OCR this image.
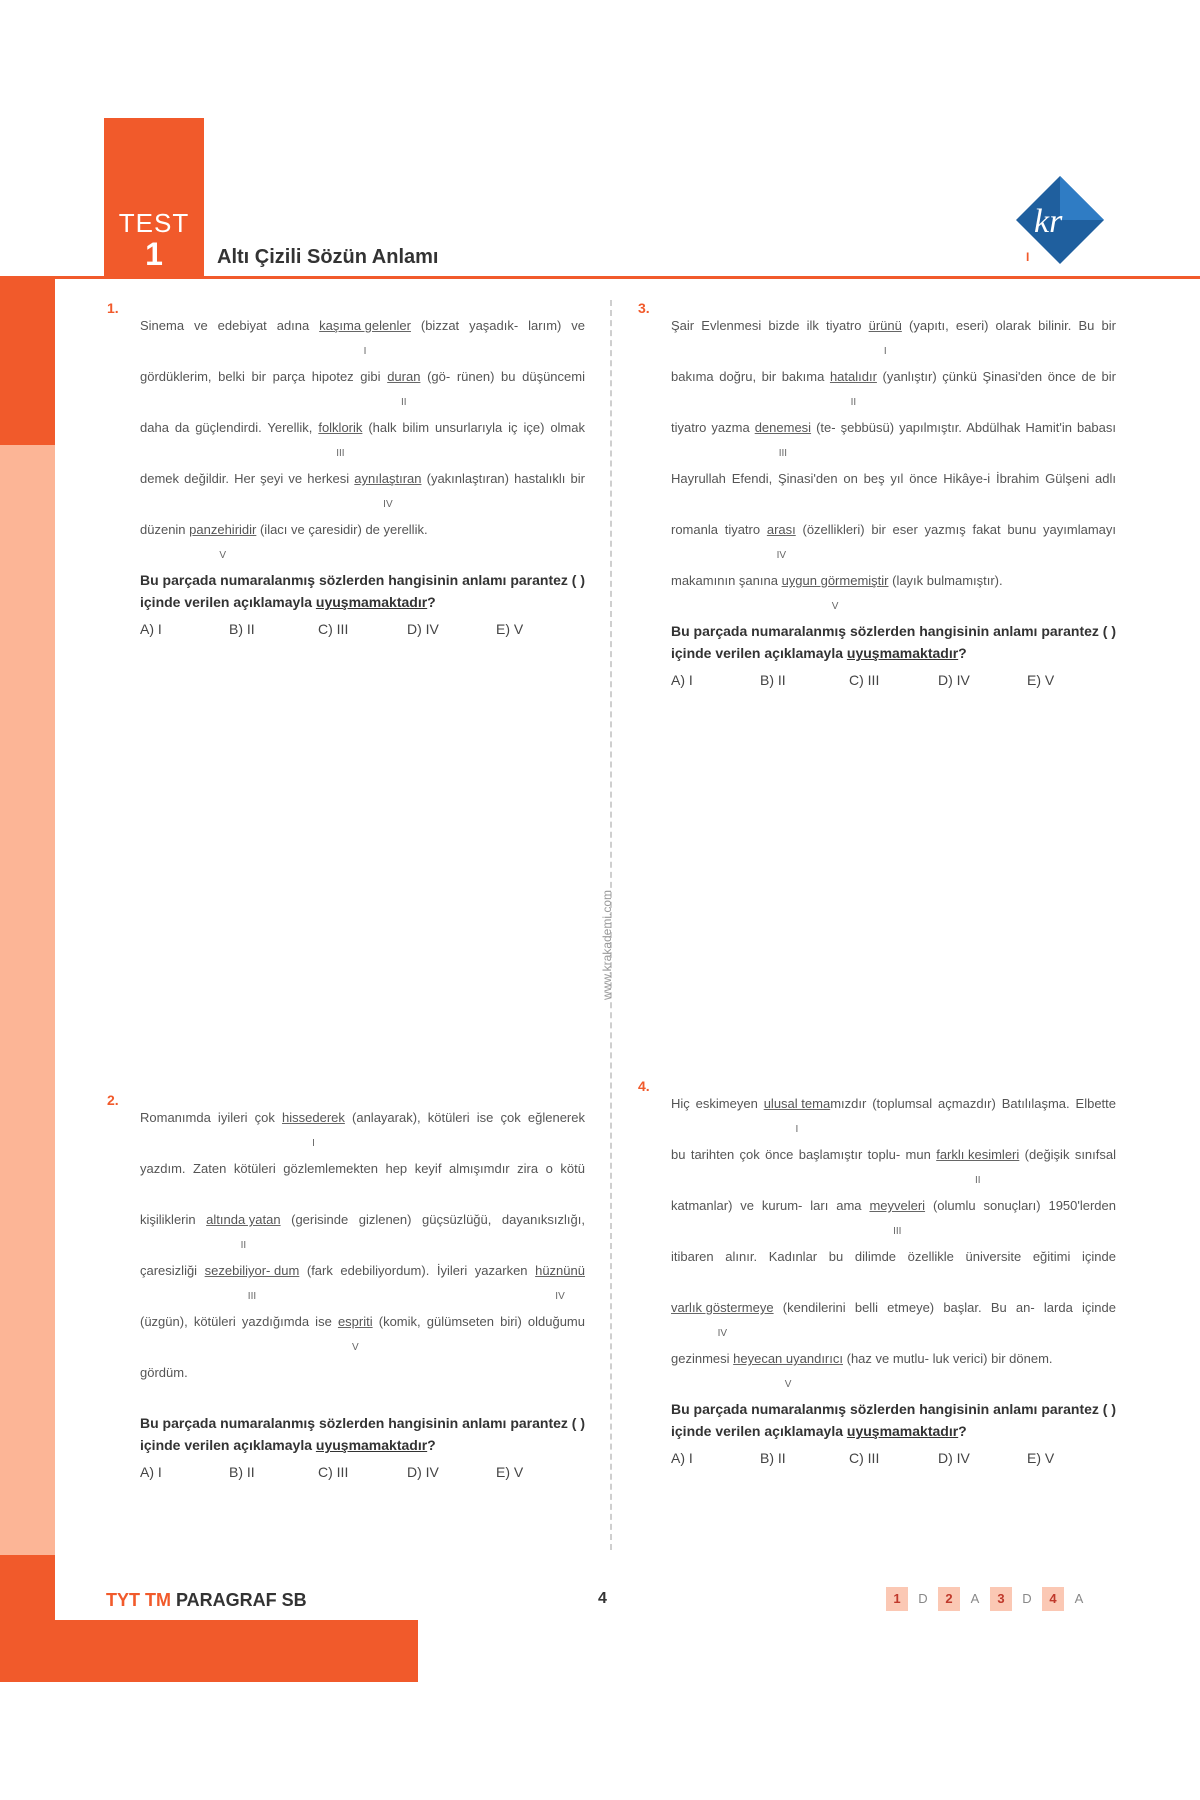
TEST
1	Altı Çizili Sözün Anlamı
kr
I
www.krakademi.com
1.
Sinema ve edebiyat adına kaşıma gelenler
I
(bizzat yaşadık- larım) ve gördüklerim, belki bir parça hipotez gibi duran
II
(gö- rünen) bu düşüncemi daha da güçlendirdi. Yerellik, folklorik
III
(halk bilim unsurlarıyla iç içe) olmak demek değildir. Her şeyi ve herkesi aynılaştıran
IV
(yakınlaştıran) hastalıklı bir düzenin panzehiridir
V
(ilacı ve çaresidir) de yerellik.
Bu parçada numaralanmış sözlerden hangisinin anlamı parantez ( ) içinde verilen açıklamayla uyuşmamaktadır?
A) I	B) II	C) III	D) IV	E) V
2.
Romanımda iyileri çok hissederek
I
(anlayarak), kötüleri ise çok eğlenerek yazdım. Zaten kötüleri gözlemlemekten hep keyif almışımdır zira o kötü kişiliklerin altında yatan
II
(gerisinde gizlenen) güçsüzlüğü, dayanıksızlığı, çaresizliği sezebiliyor- dum
III
(fark edebiliyordum). İyileri yazarken hüznünü
IV
(üzgün), kötüleri yazdığımda ise espriti
V
(komik, gülümseten biri) olduğumu gördüm.
Bu parçada numaralanmış sözlerden hangisinin anlamı parantez ( ) içinde verilen açıklamayla uyuşmamaktadır?
A) I	B) II	C) III	D) IV	E) V
3.
Şair Evlenmesi bizde ilk tiyatro ürünü
I
(yapıtı, eseri) olarak bilinir. Bu bir bakıma doğru, bir bakıma hatalıdır
II
(yanlıştır) çünkü Şinasi'den önce de bir tiyatro yazma denemesi
III
(te- şebbüsü) yapılmıştır. Abdülhak Hamit'in babası Hayrullah Efendi, Şinasi'den on beş yıl önce Hikâye-i İbrahim Gülşeni adlı romanla tiyatro arası
IV
(özellikleri) bir eser yazmış fakat bunu yayımlamayı makamının şanına uygun görmemiştir
V
(layık bulmamıştır).
Bu parçada numaralanmış sözlerden hangisinin anlamı parantez ( ) içinde verilen açıklamayla uyuşmamaktadır?
A) I	B) II	C) III	D) IV	E) V
4.
Hiç eskimeyen ulusal tema
I
mızdır (toplumsal açmazdır) Batılılaşma. Elbette bu tarihten çok önce başlamıştır toplu- mun farklı kesimleri
II
(değişik sınıfsal katmanlar) ve kurum- ları ama meyveleri
III
(olumlu sonuçları) 1950'lerden itibaren alınır. Kadınlar bu dilimde özellikle üniversite eğitimi içinde varlık göstermeye
IV
(kendilerini belli etmeye) başlar. Bu an- larda içinde gezinmesi heyecan uyandırıcı
V
(haz ve mutlu- luk verici) bir dönem.
Bu parçada numaralanmış sözlerden hangisinin anlamı parantez ( ) içinde verilen açıklamayla uyuşmamaktadır?
A) I	B) II	C) III	D) IV	E) V
TYT TM PARAGRAF SB	4	1	D	2	A	3	D	4	A
